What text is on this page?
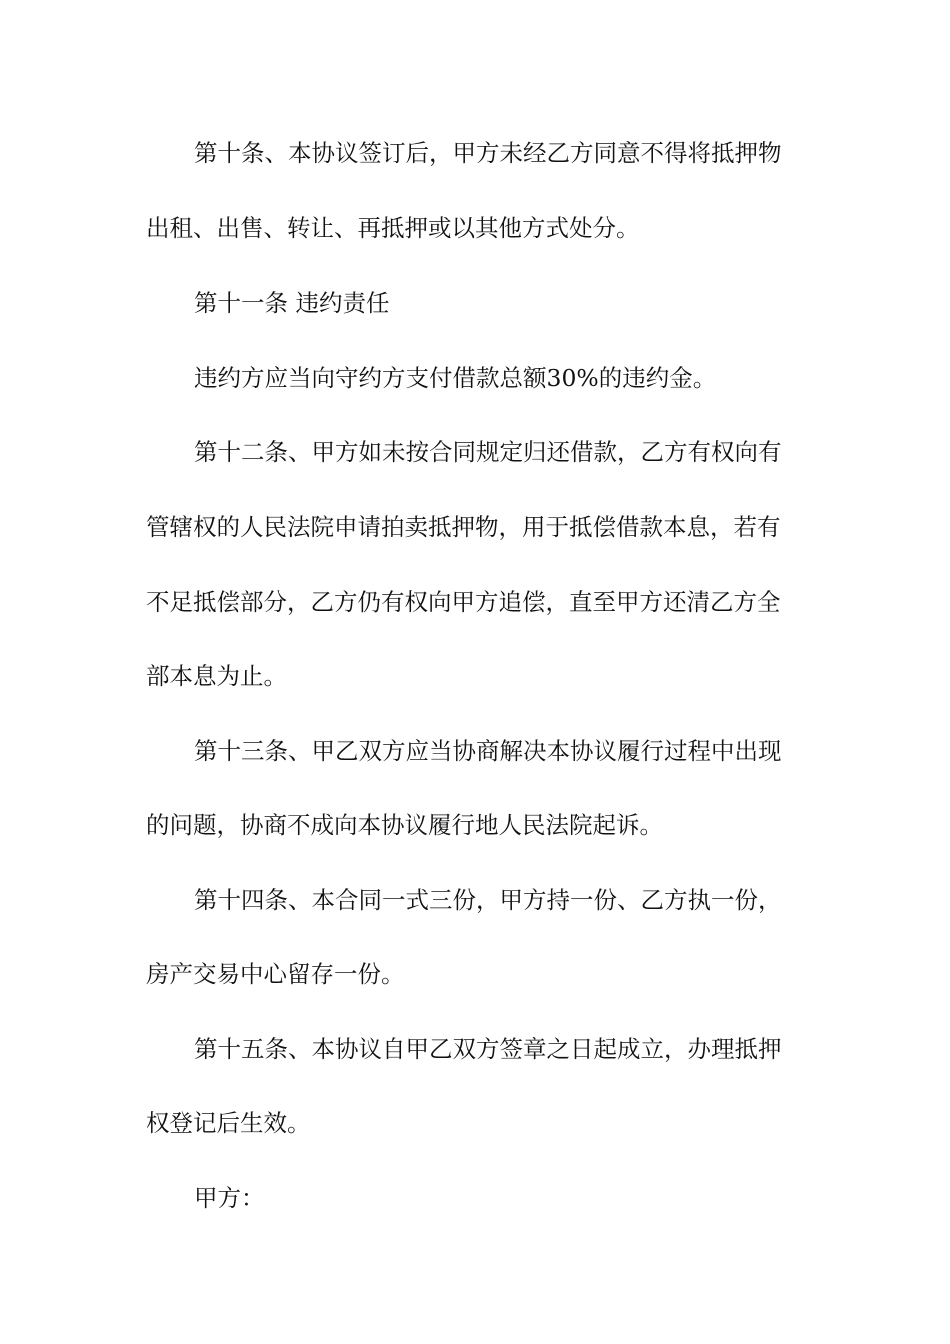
第十条、本协议签订后，甲方未经乙方同意不得将抵押物
出租、出售、转让、再抵押或以其他方式处分。
第十一条 违约责任
违约方应当向守约方支付借款总额30%的违约金。
第十二条、甲方如未按合同规定归还借款，乙方有权向有
管辖权的人民法院申请拍卖抵押物，用于抵偿借款本息，若有
不足抵偿部分，乙方仍有权向甲方追偿，直至甲方还清乙方全
部本息为止。
第十三条、甲乙双方应当协商解决本协议履行过程中出现
的问题，协商不成向本协议履行地人民法院起诉。
第十四条、本合同一式三份，甲方持一份、乙方执一份，
房产交易中心留存一份。
第十五条、本协议自甲乙双方签章之日起成立，办理抵押
权登记后生效。
甲方：
